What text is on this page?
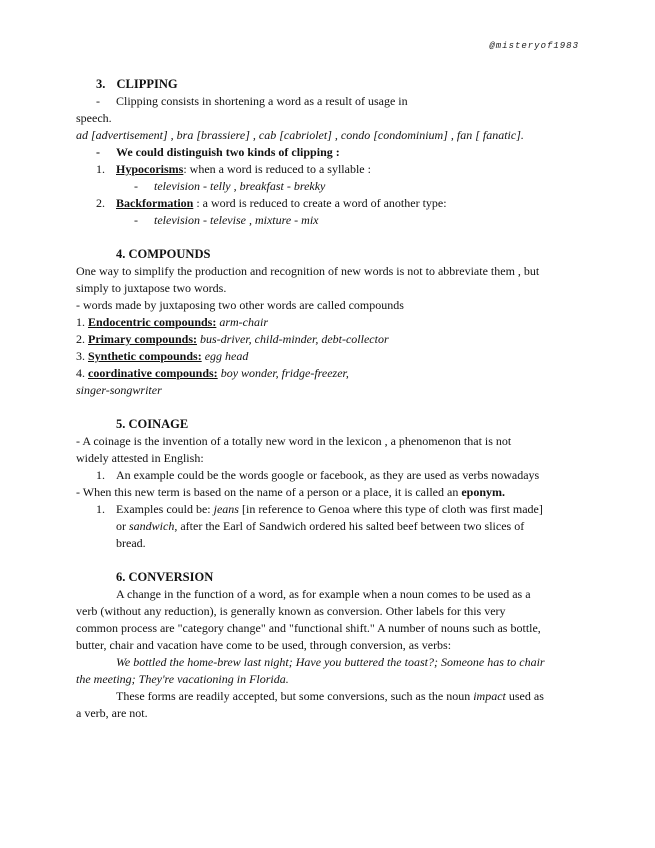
@misteryof1983
3. CLIPPING
- Clipping consists in shortening a word as a result of usage in
speech.
ad [advertisement] , bra [brassiere] , cab [cabriolet] , condo [condominium] , fan [ fanatic].
- We could distinguish two kinds of clipping :
1. Hypocorisms: when a word is reduced to a syllable :
- television - telly , breakfast - brekky
2. Backformation : a word is reduced to create a word of another type:
- television - televise , mixture - mix
4. COMPOUNDS
One way to simplify the production and recognition of new words is not to abbreviate them , but
simply to juxtapose two words.
- words made by juxtaposing two other words are called compounds
1. Endocentric compounds: arm-chair
2. Primary compounds: bus-driver, child-minder, debt-collector
3. Synthetic compounds: egg head
4. coordinative compounds: boy wonder, fridge-freezer,
singer-songwriter
5. COINAGE
- A coinage is the invention of a totally new word in the lexicon , a phenomenon that is not
widely attested in English:
1. An example could be the words google or facebook, as they are used as verbs nowadays
- When this new term is based on the name of a person or a place, it is called an eponym.
1. Examples could be: jeans [in reference to Genoa where this type of cloth was first made]
or sandwich, after the Earl of Sandwich ordered his salted beef between two slices of
bread.
6. CONVERSION
A change in the function of a word, as for example when a noun comes to be used as a
verb (without any reduction), is generally known as conversion. Other labels for this very
common process are "category change" and "functional shift." A number of nouns such as bottle,
butter, chair and vacation have come to be used, through conversion, as verbs:
We bottled the home-brew last night; Have you buttered the toast?; Someone has to chair
the meeting; They're vacationing in Florida.
These forms are readily accepted, but some conversions, such as the noun impact used as
a verb, are not.
